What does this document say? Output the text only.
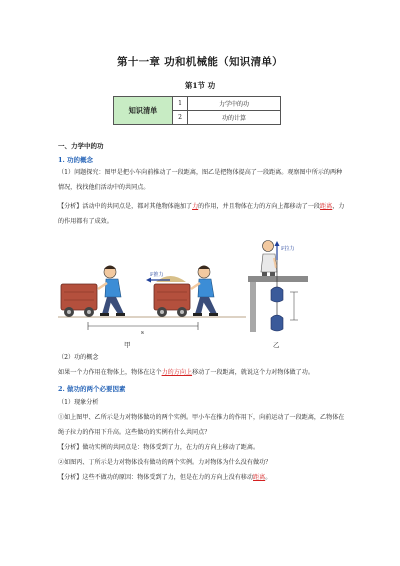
第十一章 功和机械能（知识清单）
第1节 功
知识清单	1	力学中的功
	2	功的计算
一、力学中的功
1. 功的概念
（1）问题探究：图甲是把小车向前推动了一段距离，图乙是把物体提高了一段距离。观察图中所示的两种情况，找找他们活动中的共同点。
【分析】活动中的共同点是，都对其他物体施加了力的作用，并且物体在力的方向上都移动了一段距离，力的作用都有了成效。
F推力
s
F拉力
甲	乙
（2）功的概念
如果一个力作用在物体上，物体在这个力的方向上移动了一段距离，就说这个力对物体做了功。
2. 做功的两个必要因素
（1）现象分析
①如上图甲、乙所示是力对物体做功的两个实例。甲小车在推力的作用下，向前运动了一段距离，乙物体在绳子拉力的作用下升高。这些做功的实例有什么共同点？
【分析】做功实例的共同点是：物体受到了力，在力的方向上移动了距离。
②如图丙、丁所示是力对物体没有做功的两个实例。力对物体为什么没有做功？
【分析】这些不做功的原因：物体受到了力，但是在力的方向上没有移动距离。
